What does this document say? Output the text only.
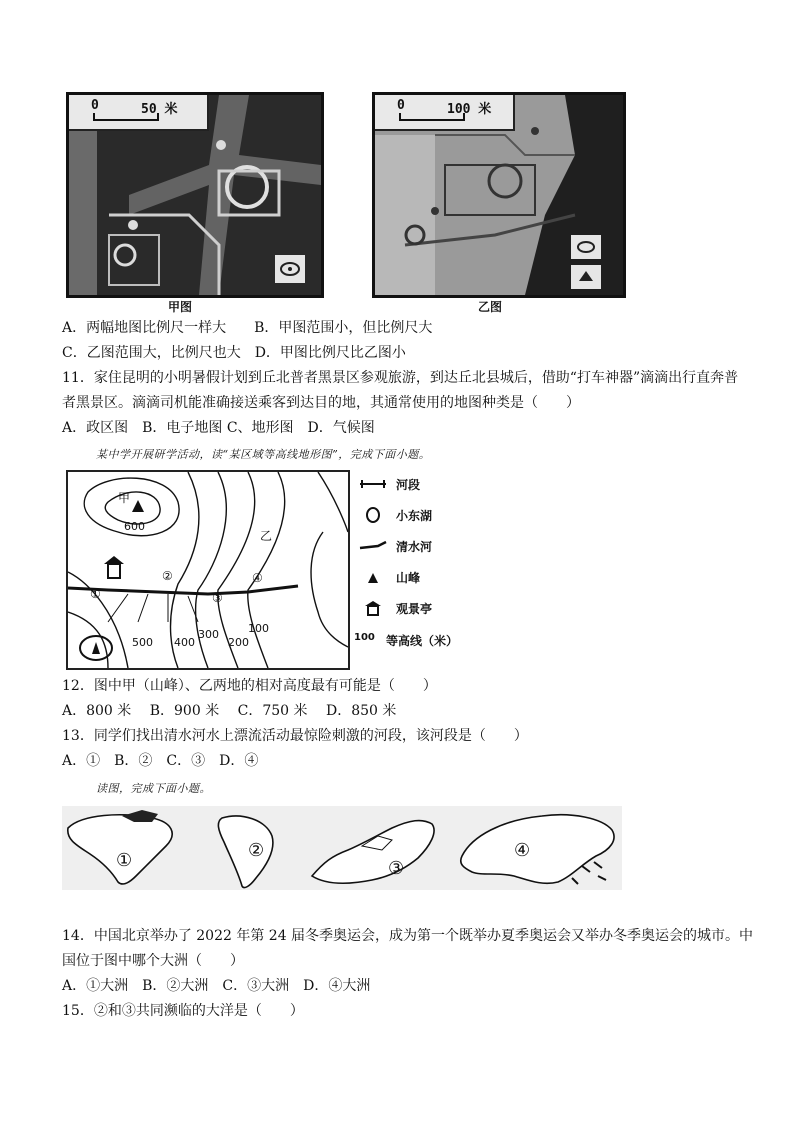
0	50 米
甲图
0	100 米
乙图
A．两幅地图比例尺一样大　　B．甲图范围小，但比例尺大
C．乙图范围大，比例尺也大　D．甲图比例尺比乙图小
11．家住昆明的小明暑假计划到丘北普者黑景区参观旅游，到达丘北县城后，借助“打车神器”滴滴出行直奔普
者黑景区。滴滴司机能准确接送乘客到达目的地，其通常使用的地图种类是（　　）
A．政区图　B．电子地图 C、地形图　D．气候图
某中学开展研学活动，读“某区域等高线地形图”，完成下面小题。
甲
乙
600
500 400
300
200
100
①
②
③
④
河段
小东湖
清水河
山峰
观景亭
100 等高线（米）
12．图中甲（山峰）、乙两地的相对高度最有可能是（　　）
A．800 米　 B．900 米　 C．750 米　 D．850 米
13．同学们找出清水河水上漂流活动最惊险刺激的河段，该河段是（　　）
A．①　B．②　C．③　D．④
读图，完成下面小题。
①	②
③
④
14．中国北京举办了 2022 年第 24 届冬季奥运会，成为第一个既举办夏季奥运会又举办冬季奥运会的城市。中
国位于图中哪个大洲（　　）
A．①大洲　B．②大洲　C．③大洲　D．④大洲
15．②和③共同濒临的大洋是（　　）
